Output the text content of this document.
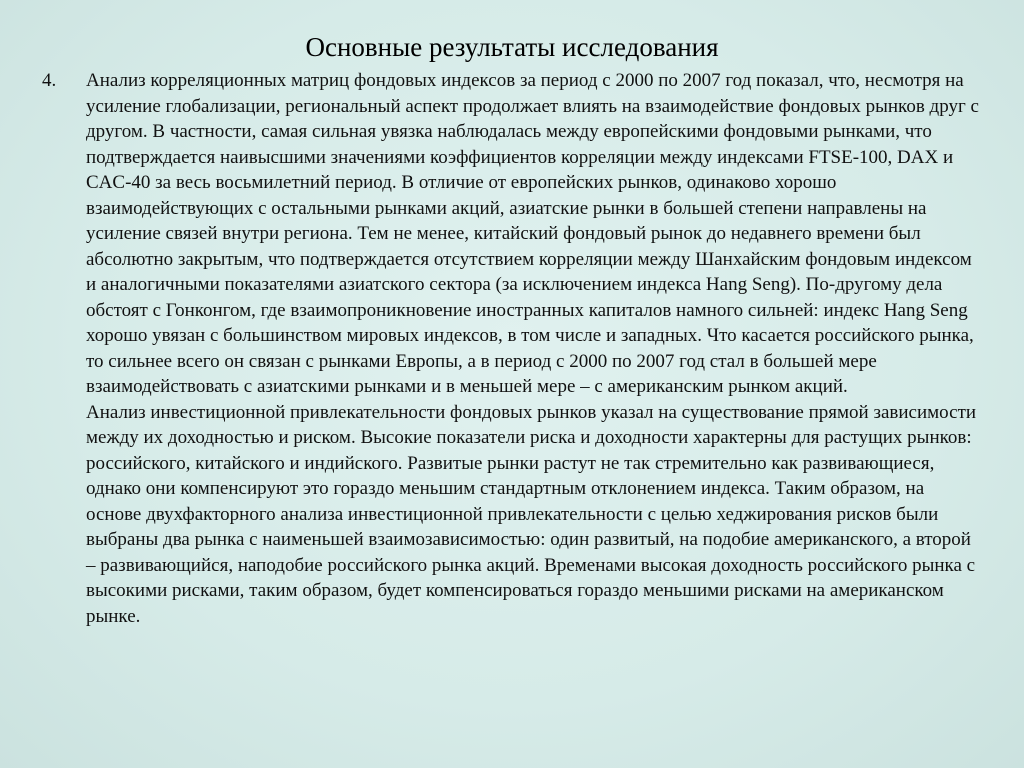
Основные результаты исследования
4.	Анализ корреляционных матриц фондовых индексов за период с 2000 по 2007 год показал, что, несмотря на усиление глобализации, региональный аспект продолжает влиять на взаимодействие фондовых рынков друг с другом. В частности, самая сильная увязка наблюдалась между европейскими фондовыми рынками, что подтверждается наивысшими значениями коэффициентов корреляции между индексами FTSE-100, DAX и CAC-40 за весь восьмилетний период. В отличие от европейских рынков, одинаково хорошо взаимодействующих с остальными рынками акций, азиатские рынки в большей степени направлены на усиление связей внутри региона. Тем не менее, китайский фондовый рынок до недавнего времени был абсолютно закрытым, что подтверждается отсутствием корреляции между Шанхайским фондовым индексом и аналогичными показателями азиатского сектора (за исключением индекса Hang Seng). По-другому дела обстоят с Гонконгом, где взаимопроникновение иностранных капиталов намного сильней: индекс Hang Seng хорошо увязан с большинством мировых индексов, в том числе и западных. Что касается российского рынка, то сильнее всего он связан с рынками Европы, а в период с 2000 по 2007 год стал в большей мере взаимодействовать с азиатскими рынками и в меньшей мере – с американским рынком акций.

Анализ инвестиционной привлекательности фондовых рынков указал на существование прямой зависимости между их доходностью и риском. Высокие показатели риска и доходности характерны для растущих рынков: российского, китайского и индийского. Развитые рынки растут не так стремительно как развивающиеся, однако они компенсируют это гораздо меньшим стандартным отклонением индекса. Таким образом, на основе двухфакторного анализа инвестиционной привлекательности с целью хеджирования рисков были выбраны два рынка с наименьшей взаимозависимостью: один развитый, на подобие американского, а второй – развивающийся, наподобие российского рынка акций. Временами высокая доходность российского рынка с высокими рисками, таким образом, будет компенсироваться гораздо меньшими рисками на американском рынке.
